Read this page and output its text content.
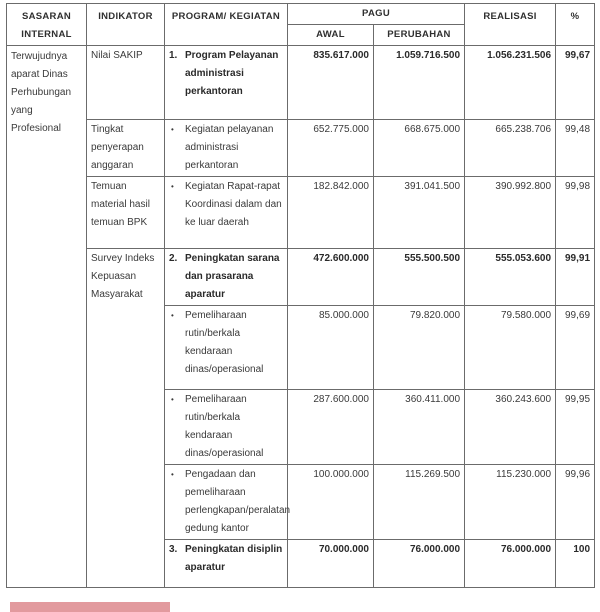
SASARAN INTERNAL	INDIKATOR	PROGRAM/ KEGIATAN	PAGU		REALISASI	%
			AWAL	PERUBAHAN		
Terwujudnya aparat Dinas Perhubungan yang Profesional	Nilai SAKIP	1. Program Pelayanan administrasi perkantoran	835.617.000	1.059.716.500	1.056.231.506	99,67
	Tingkat penyerapan anggaran	• Kegiatan pelayanan administrasi perkantoran	652.775.000	668.675.000	665.238.706	99,48
	Temuan material hasil temuan BPK	• Kegiatan Rapat-rapat Koordinasi dalam dan ke luar daerah	182.842.000	391.041.500	390.992.800	99,98
	Survey Indeks Kepuasan Masyarakat	2. Peningkatan sarana dan prasarana aparatur	472.600.000	555.500.500	555.053.600	99,91

		• Pemeliharaan rutin/berkala kendaraan dinas/operasional	85.000.000	79.820.000	79.580.000	99,69

		• Pemeliharaan rutin/berkala kendaraan dinas/operasional	287.600.000	360.411.000	360.243.600	99,95

		• Pengadaan dan pemeliharaan perlengkapan/peralatan gedung kantor	100.000.000	115.269.500	115.230.000	99,96

		3. Peningkatan disiplin aparatur	70.000.000	76.000.000	76.000.000	100
